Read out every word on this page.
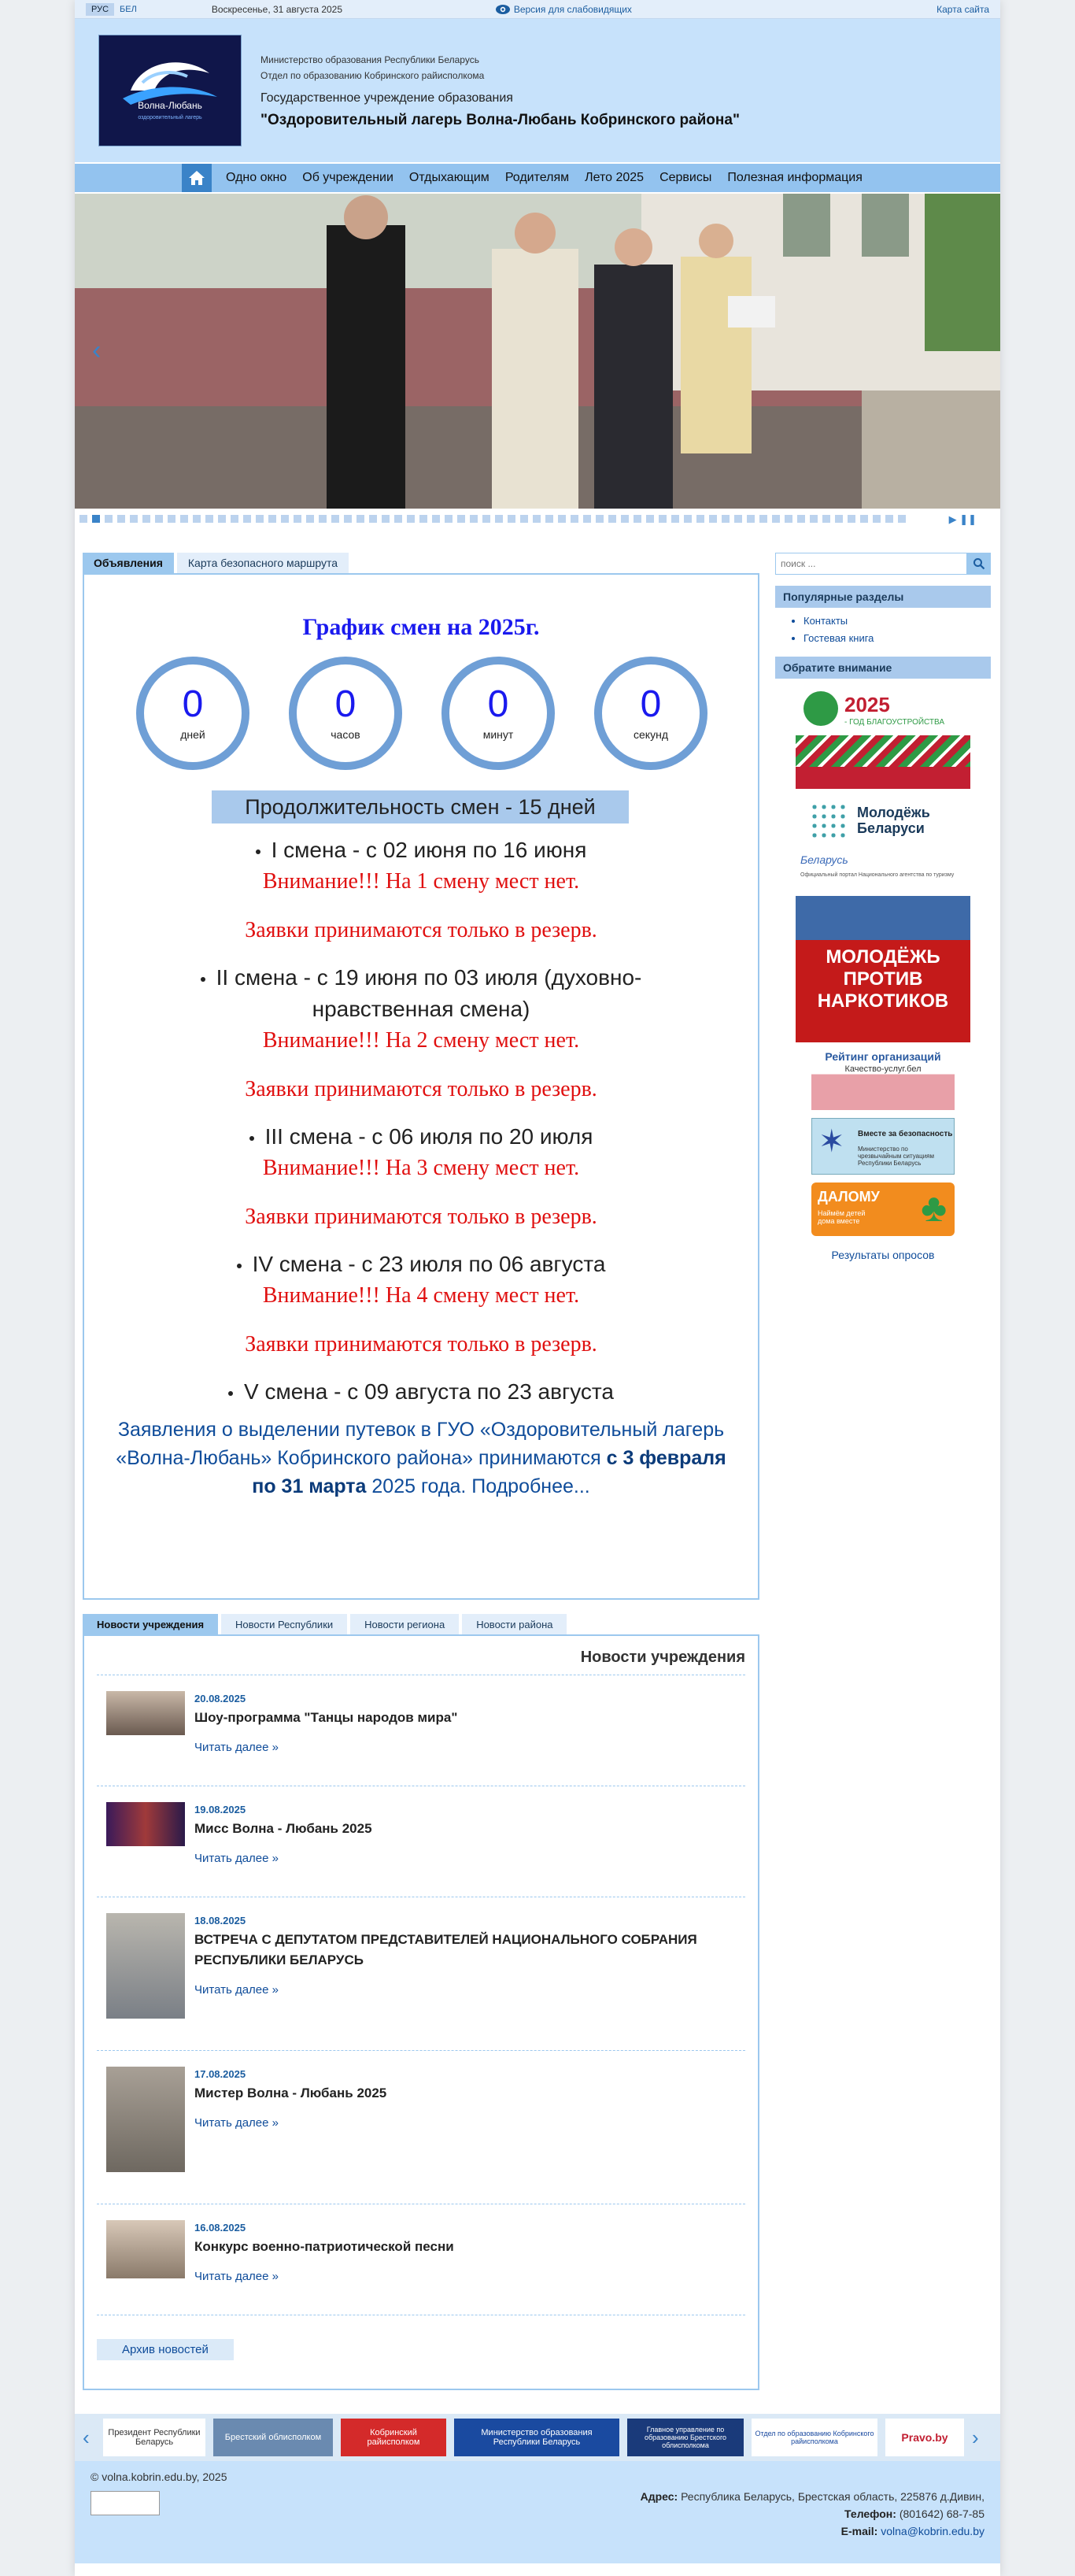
РУС	БЕЛ	Воскресенье, 31 августа 2025	Версия для слабовидящих	Карта сайта
Волна-Любань
оздоровительный лагерь
Министерство образования Республики Беларусь
Отдел по образованию Кобринского райисполкома
Государственное учреждение образования
"Оздоровительный лагерь Волна-Любань Кобринского района"
Одно окно	Об учреждении	Отдыхающим	Родителям	Лето 2025	Сервисы	Полезная информация
‹
▶ ❚❚
Объявления	Карта безопасного маршрута
График смен на 2025г.
0
дней
0
часов
0
минут
0
секунд
Продолжительность смен - 15 дней
I смена - с 02 июня по 16 июня
Внимание!!! На 1 смену мест нет.
Заявки принимаются только в резерв.
II смена - с 19 июня по 03 июля (духовно-нравственная смена)
Внимание!!! На 2 смену мест нет.
Заявки принимаются только в резерв.
III смена - с 06 июля по 20 июля
Внимание!!! На 3 смену мест нет.
Заявки принимаются только в резерв.
IV смена - с 23 июля по 06 августа
Внимание!!! На 4 смену мест нет.
Заявки принимаются только в резерв.
V смена - с 09 августа по 23 августа
Заявления о выделении путевок в ГУО «Оздоровительный лагерь «Волна-Любань» Кобринского района» принимаются с 3 февраля по 31 марта 2025 года. Подробнее...
Новости учреждения	Новости Республики	Новости региона	Новости района
Новости учреждения
20.08.2025
Шоу-программа "Танцы народов мира"
Читать далее »
19.08.2025
Мисс Волна - Любань 2025
Читать далее »
18.08.2025
ВСТРЕЧА С ДЕПУТАТОМ ПРЕДСТАВИТЕЛЕЙ НАЦИОНАЛЬНОГО СОБРАНИЯ РЕСПУБЛИКИ БЕЛАРУСЬ
Читать далее »
17.08.2025
Мистер Волна - Любань 2025
Читать далее »
16.08.2025
Конкурс военно-патриотической песни
Читать далее »
Архив новостей
поиск ...
Популярные разделы
• Контакты
• Гостевая книга
Обратите внимание
2025
- ГОД БЛАГОУСТРОЙСТВА
Молодёжь Беларуси
Беларусь
Официальный портал Национального агентства по туризму
МОЛОДЁЖЬ ПРОТИВ НАРКОТИКОВ
Рейтинг организаций
Качество-услуг.бел
✶ Вместе за безопасность
Министерство по чрезвычайным ситуациям Республики Беларусь
ДАЛОМУ
Наймём детей дома вместе	♣
Результаты опросов
‹	Президент Республики Беларусь	Брестский облисполком	Кобринский райисполком
Министерство образования Республики Беларусь
Главное управление по образованию Брестского облисполкома
Отдел по образованию Кобринского райисполкома	Pravo.by	›
© volna.kobrin.edu.by, 2025
Адрес: Республика Беларусь, Брестская область, 225876 д.Дивин,
Телефон: (801642) 68-7-85
E-mail: volna@kobrin.edu.by
